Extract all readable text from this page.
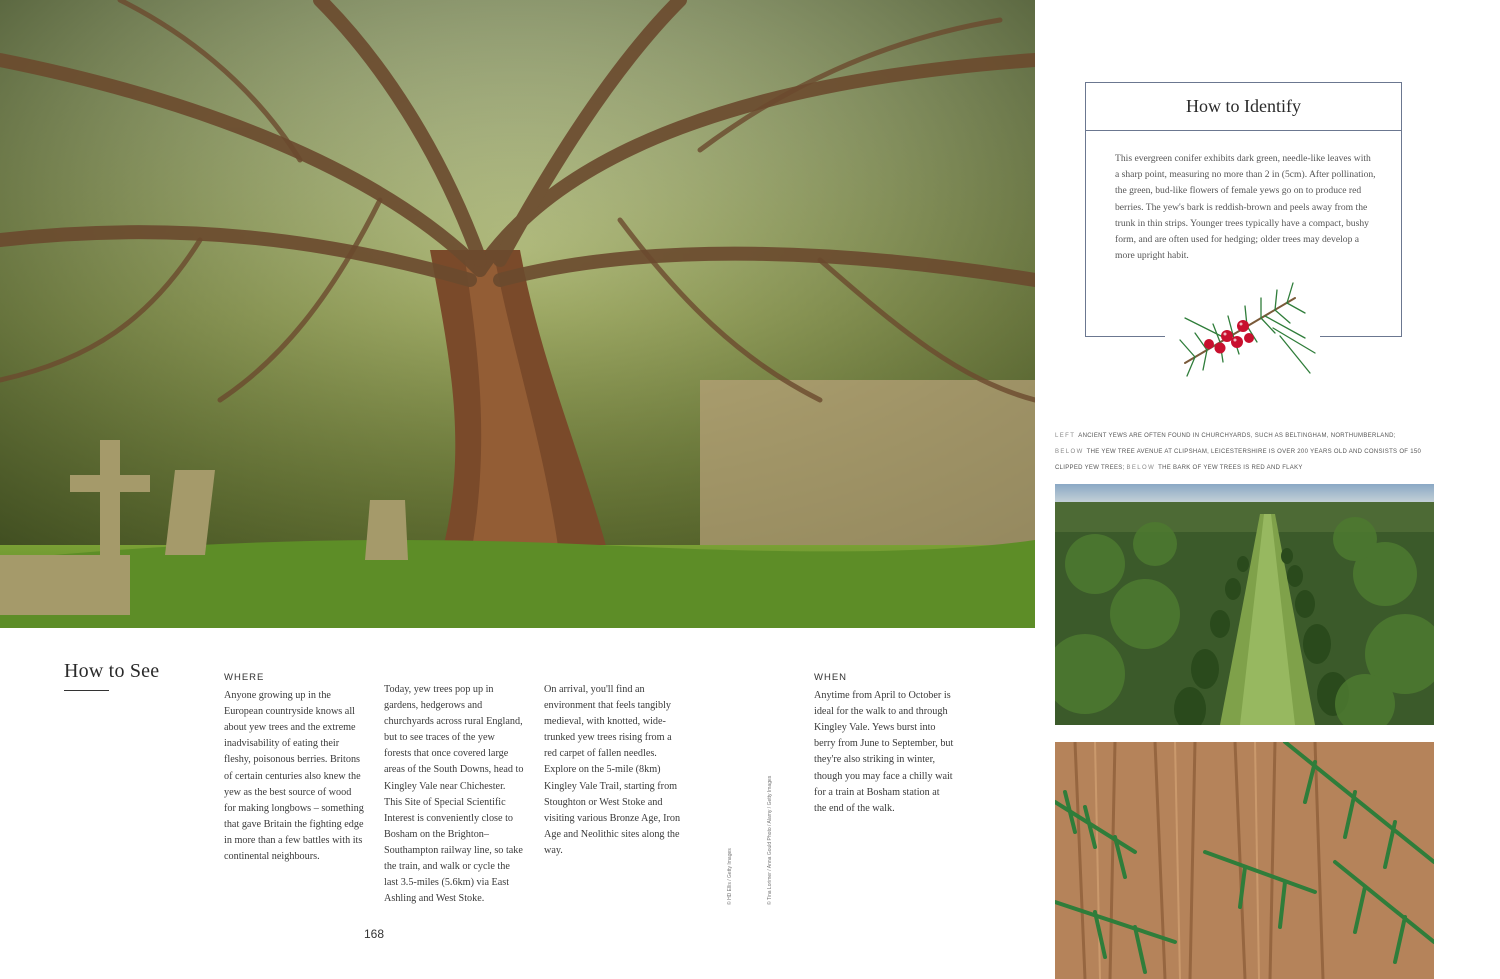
How to See	WHERE

Anyone growing up in the European countryside knows all about yew trees and the extreme inadvisability of eating their fleshy, poisonous berries. Britons of certain centuries also knew the yew as the best source of wood for making longbows – something that gave Britain the fighting edge in more than a few battles with its continental neighbours.

Today, yew trees pop up in gardens, hedgerows and churchyards across rural England, but to see traces of the yew forests that once covered large areas of the South Downs, head to Kingley Vale near Chichester. This Site of Special Scientific Interest is conveniently close to Bosham on the Brighton–Southampton railway line, so take the train, and walk or cycle the last 3.5-miles (5.6km) via East Ashling and West Stoke.

On arrival, you'll find an environment that feels tangibly medieval, with knotted, wide-trunked yew trees rising from a red carpet of fallen needles. Explore on the 5-mile (8km) Kingley Vale Trail, starting from Stoughton or West Stoke and visiting various Bronze Age, Iron Age and Neolithic sites along the way.

WHEN

Anytime from April to October is ideal for the walk to and through Kingley Vale. Yews burst into berry from June to September, but they're also striking in winter, though you may face a chilly wait for a train at Bosham station at the end of the walk.

168
© HD Ellis / Getty Images	© Tina Lorimer / Anna Gould Photo / Alamy / Getty Images
How to Identify
This evergreen conifer exhibits dark green, needle-like leaves with a sharp point, measuring no more than 2 in (5cm). After pollination, the green, bud-like flowers of female yews go on to produce red berries. The yew's bark is reddish-brown and peels away from the trunk in thin strips. Younger trees typically have a compact, bushy form, and are often used for hedging; older trees may develop a more upright habit.
LEFT ANCIENT YEWS ARE OFTEN FOUND IN CHURCHYARDS, SUCH AS BELTINGHAM, NORTHUMBERLAND; BELOW THE YEW TREE AVENUE AT CLIPSHAM, LEICESTERSHIRE IS OVER 200 YEARS OLD AND CONSISTS OF 150 CLIPPED YEW TREES; BELOW THE BARK OF YEW TREES IS RED AND FLAKY
